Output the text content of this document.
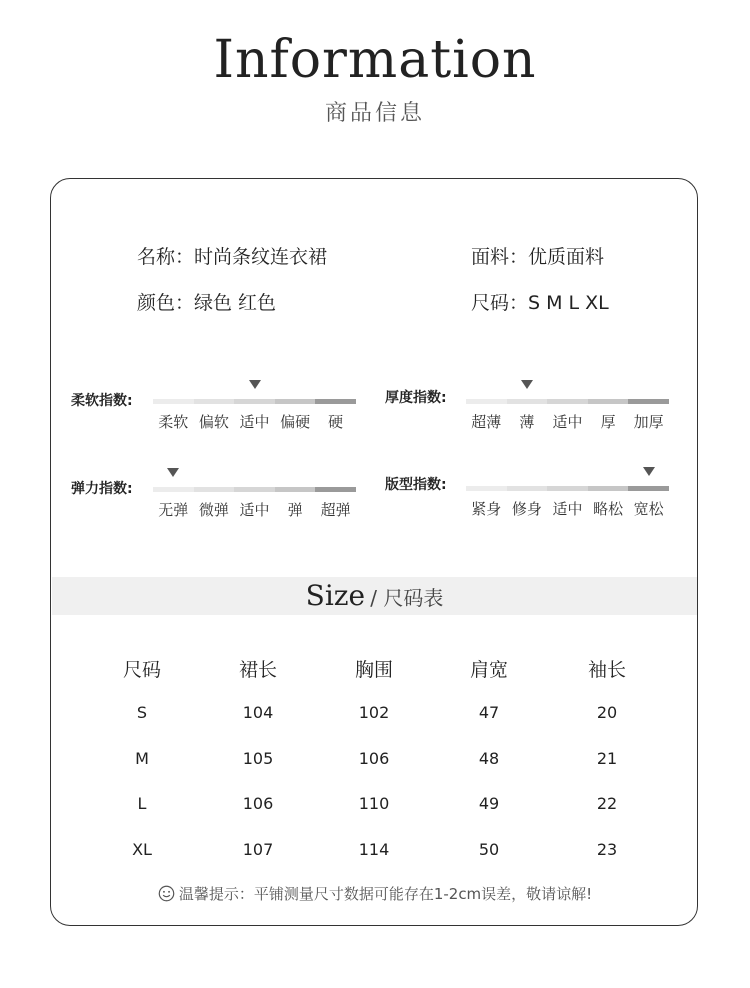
Information
商品信息
名称：时尚条纹连衣裙	面料：优质面料
颜色：绿色 红色	尺码：S M L XL
柔软指数:
柔软 偏软 适中 偏硬 硬
厚度指数:
超薄 薄 适中 厚 加厚
弹力指数:
无弹 微弹 适中 弹 超弹
版型指数:
紧身 修身 适中 略松 宽松
Size / 尺码表
尺码	裙长	胸围	肩宽	袖长
S	104	102	47	20
M	105	106	48	21
L	106	110	49	22
XL	107	114	50	23
温馨提示：平铺测量尺寸数据可能存在1-2cm误差，敬请谅解!
